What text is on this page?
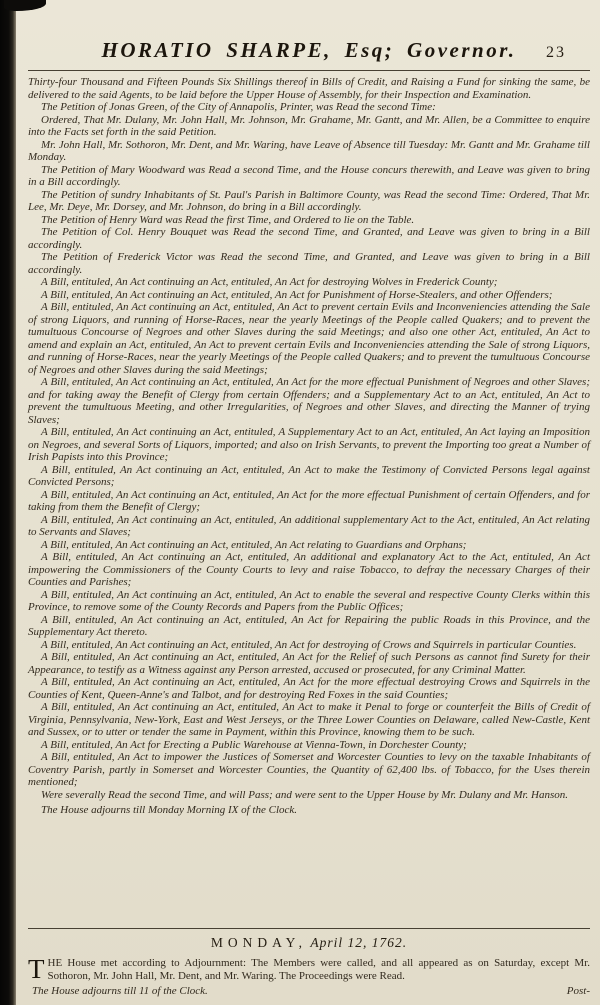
HORATIO SHARPE, Esq; Governor. 23

Thirty-four Thousand and Fifteen Pounds Six Shillings thereof in Bills of Credit, and Raising a Fund for sinking the same, be delivered to the said Agents, to be laid before the Upper House of Assembly, for their Inspection and Examination.

The Petition of Jonas Green, of the City of Annapolis, Printer, was Read the second Time:

Ordered, That Mr. Dulany, Mr. John Hall, Mr. Johnson, Mr. Grahame, Mr. Gantt, and Mr. Allen, be a Committee to enquire into the Facts set forth in the said Petition.

Mr. John Hall, Mr. Sothoron, Mr. Dent, and Mr. Waring, have Leave of Absence till Tuesday: Mr. Gantt and Mr. Grahame till Monday.

The Petition of Mary Woodward was Read a second Time, and the House concurs therewith, and Leave was given to bring in a Bill accordingly.

The Petition of sundry Inhabitants of St. Paul's Parish in Baltimore County, was Read the second Time: Ordered, That Mr. Lee, Mr. Deye, Mr. Dorsey, and Mr. Johnson, do bring in a Bill accordingly.

The Petition of Henry Ward was Read the first Time, and Ordered to lie on the Table.

The Petition of Col. Henry Bouquet was Read the second Time, and Granted, and Leave was given to bring in a Bill accordingly.

The Petition of Frederick Victor was Read the second Time, and Granted, and Leave was given to bring in a Bill accordingly.

A Bill, entituled, An Act continuing an Act, entituled, An Act for destroying Wolves in Frederick County;

A Bill, entituled, An Act continuing an Act, entituled, An Act for Punishment of Horse-Stealers, and other Offenders;

A Bill, entituled, An Act continuing an Act, entituled, An Act to prevent certain Evils and Inconveniencies attending the Sale of strong Liquors, and running of Horse-Races, near the yearly Meetings of the People called Quakers; and to prevent the tumultuous Concourse of Negroes and other Slaves during the said Meetings; and also one other Act, entituled, An Act to amend and explain an Act, entituled, An Act to prevent certain Evils and Inconveniencies attending the Sale of strong Liquors, and running of Horse-Races, near the yearly Meetings of the People called Quakers; and to prevent the tumultuous Concourse of Negroes and other Slaves during the said Meetings;

A Bill, entituled, An Act continuing an Act, entituled, An Act for the more effectual Punishment of Negroes and other Slaves; and for taking away the Benefit of Clergy from certain Offenders; and a Supplementary Act to an Act, entituled, An Act to prevent the tumultuous Meeting, and other Irregularities, of Negroes and other Slaves, and directing the Manner of trying Slaves;

A Bill, entituled, An Act continuing an Act, entituled, A Supplementary Act to an Act, entituled, An Act laying an Imposition on Negroes, and several Sorts of Liquors, imported; and also on Irish Servants, to prevent the Importing too great a Number of Irish Papists into this Province;

A Bill, entituled, An Act continuing an Act, entituled, An Act to make the Testimony of Convicted Persons legal against Convicted Persons;

A Bill, entituled, An Act continuing an Act, entituled, An Act for the more effectual Punishment of certain Offenders, and for taking from them the Benefit of Clergy;

A Bill, entituled, An Act continuing an Act, entituled, An additional supplementary Act to the Act, entituled, An Act relating to Servants and Slaves;

A Bill, entituled, An Act continuing an Act, entituled, An Act relating to Guardians and Orphans;

A Bill, entituled, An Act continuing an Act, entituled, An additional and explanatory Act to the Act, entituled, An Act impowering the Commissioners of the County Courts to levy and raise Tobacco, to defray the necessary Charges of their Counties and Parishes;

A Bill, entituled, An Act continuing an Act, entituled, An Act to enable the several and respective County Clerks within this Province, to remove some of the County Records and Papers from the Public Offices;

A Bill, entituled, An Act continuing an Act, entituled, An Act for Repairing the public Roads in this Province, and the Supplementary Act thereto.

A Bill, entituled, An Act continuing an Act, entituled, An Act for destroying of Crows and Squirrels in particular Counties.

A Bill, entituled, An Act continuing an Act, entituled, An Act for the Relief of such Persons as cannot find Surety for their Appearance, to testify as a Witness against any Person arrested, accused or prosecuted, for any Criminal Matter.

A Bill, entituled, An Act continuing an Act, entituled, An Act for the more effectual destroying Crows and Squirrels in the Counties of Kent, Queen-Anne's and Talbot, and for destroying Red Foxes in the said Counties;

A Bill, entituled, An Act continuing an Act, entituled, An Act to make it Penal to forge or counterfeit the Bills of Credit of Virginia, Pennsylvania, New-York, East and West Jerseys, or the Three Lower Counties on Delaware, called New-Castle, Kent and Sussex, or to utter or tender the same in Payment, within this Province, knowing them to be such.

A Bill, entituled, An Act for Erecting a Public Warehouse at Vienna-Town, in Dorchester County;

A Bill, entituled, An Act to impower the Justices of Somerset and Worcester Counties to levy on the taxable Inhabitants of Coventry Parish, partly in Somerset and Worcester Counties, the Quantity of 62,400 lbs. of Tobacco, for the Uses therein mentioned;

Were severally Read the second Time, and will Pass; and were sent to the Upper House by Mr. Dulany and Mr. Hanson.

The House adjourns till Monday Morning IX of the Clock.

MONDAY, April 12, 1762.

THE House met according to Adjournment: The Members were called, and all appeared as on Saturday, except Mr. Sothoron, Mr. John Hall, Mr. Dent, and Mr. Waring. The Proceedings were Read.

The House adjourns till 11 of the Clock.	Post-
